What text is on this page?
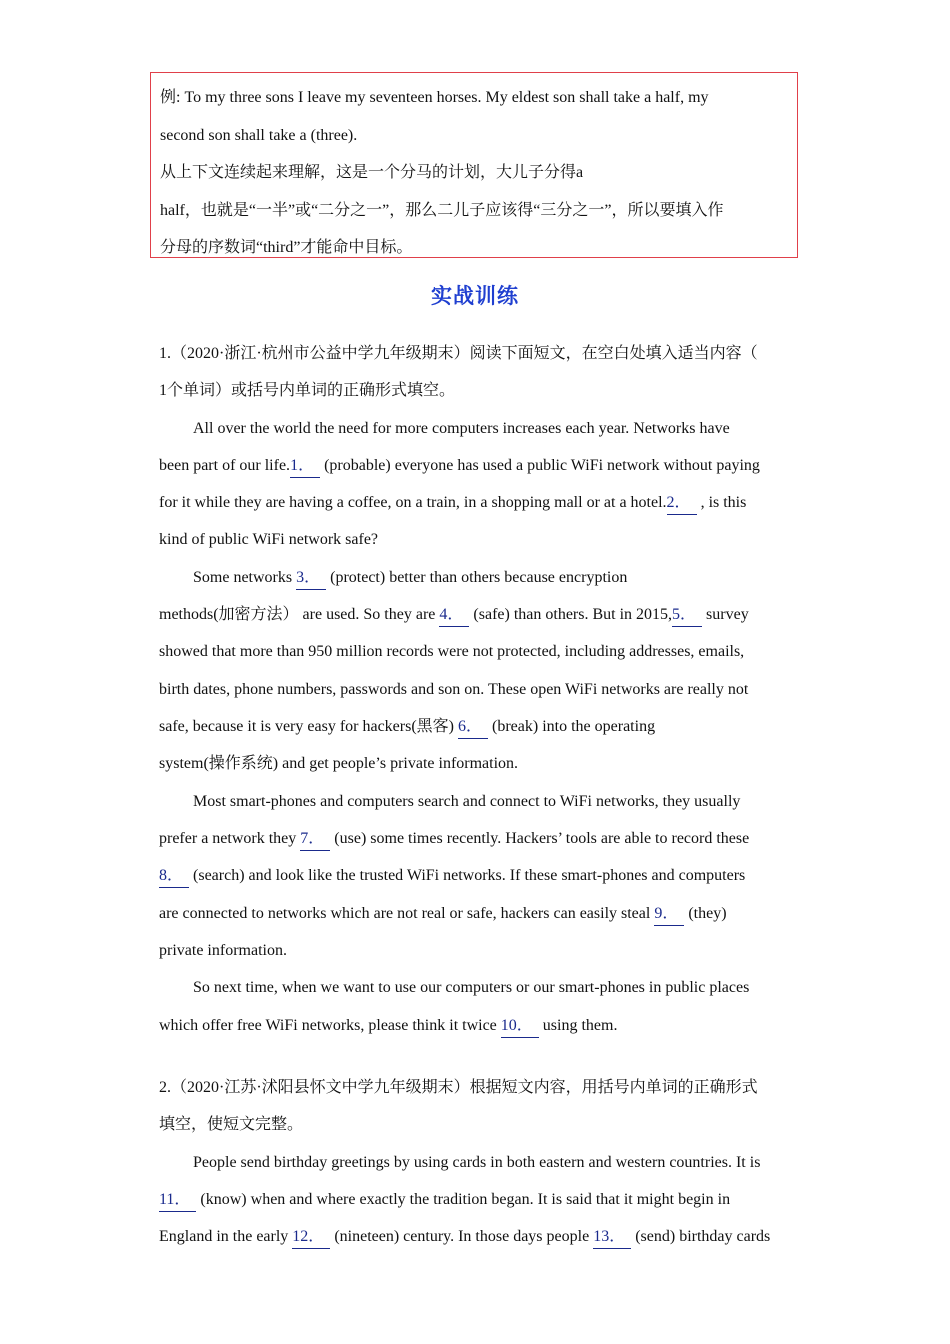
例: To my three sons I leave my seventeen horses. My eldest son shall take a half, my
second son shall take a (three).
从上下文连续起来理解，这是一个分马的计划，大儿子分得a
half，也就是“一半”或“二分之一”，那么二儿子应该得“三分之一”，所以要填入作
分母的序数词“third”才能命中目标。
实战训练
1.（2020·浙江·杭州市公益中学九年级期末）阅读下面短文，在空白处填入适当内容（
1个单词）或括号内单词的正确形式填空。
All over the world the need for more computers increases each year. Networks have
been part of our life.1． (probable) everyone has used a public WiFi network without paying
for it while they are having a coffee, on a train, in a shopping mall or at a hotel.2． , is this
kind of public WiFi network safe?
Some networks 3． (protect) better than others because encryption
methods(加密方法） are used. So they are 4． (safe) than others. But in 2015,5． survey
showed that more than 950 million records were not protected, including addresses, emails,
birth dates, phone numbers, passwords and son on. These open WiFi networks are really not
safe, because it is very easy for hackers(黑客) 6． (break) into the operating
system(操作系统) and get people’s private information.
Most smart-phones and computers search and connect to WiFi networks, they usually
prefer a network they 7． (use) some times recently. Hackers’ tools are able to record these
8． (search) and look like the trusted WiFi networks. If these smart-phones and computers
are connected to networks which are not real or safe, hackers can easily steal 9． (they)
private information.
So next time, when we want to use our computers or our smart-phones in public places
which offer free WiFi networks, please think it twice 10． using them.
2.（2020·江苏·沭阳县怀文中学九年级期末）根据短文内容，用括号内单词的正确形式
填空，使短文完整。
People send birthday greetings by using cards in both eastern and western countries. It is
11． (know) when and where exactly the tradition began. It is said that it might begin in
England in the early 12． (nineteen) century. In those days people 13． (send) birthday cards
